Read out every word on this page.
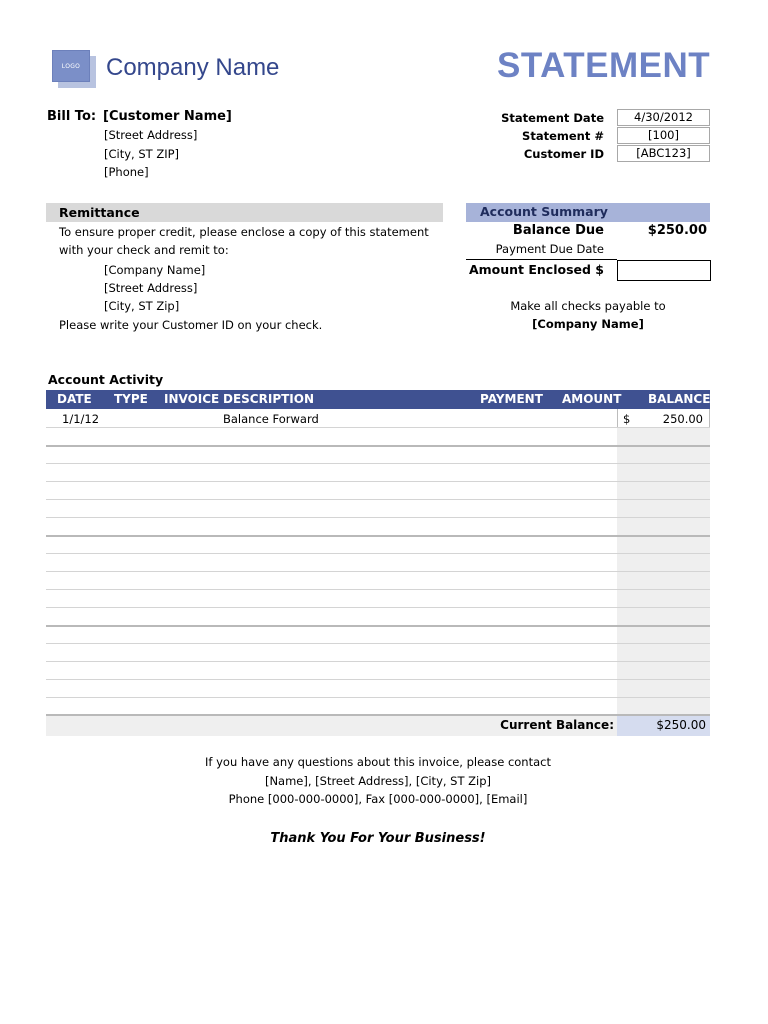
LOGO	Company Name	STATEMENT
Bill To: [Customer Name]
[Street Address]
[City, ST ZIP]
[Phone]
Statement Date	4/30/2012
Statement #	[100]
Customer ID	[ABC123]
Remittance
To ensure proper credit, please enclose a copy of this statement
with your check and remit to:
[Company Name]
[Street Address]
[City, ST Zip]
Please write your Customer ID on your check.
Account Summary
Balance Due	$250.00
Payment Due Date
Amount Enclosed $
Make all checks payable to
[Company Name]
Account Activity
DATE TYPE INVOICE DESCRIPTION	PAYMENT AMOUNT BALANCE
1/1/12	Balance Forward	$	250.00
Current Balance:	$250.00
If you have any questions about this invoice, please contact
[Name], [Street Address], [City, ST Zip]
Phone [000-000-0000], Fax [000-000-0000], [Email]
Thank You For Your Business!
